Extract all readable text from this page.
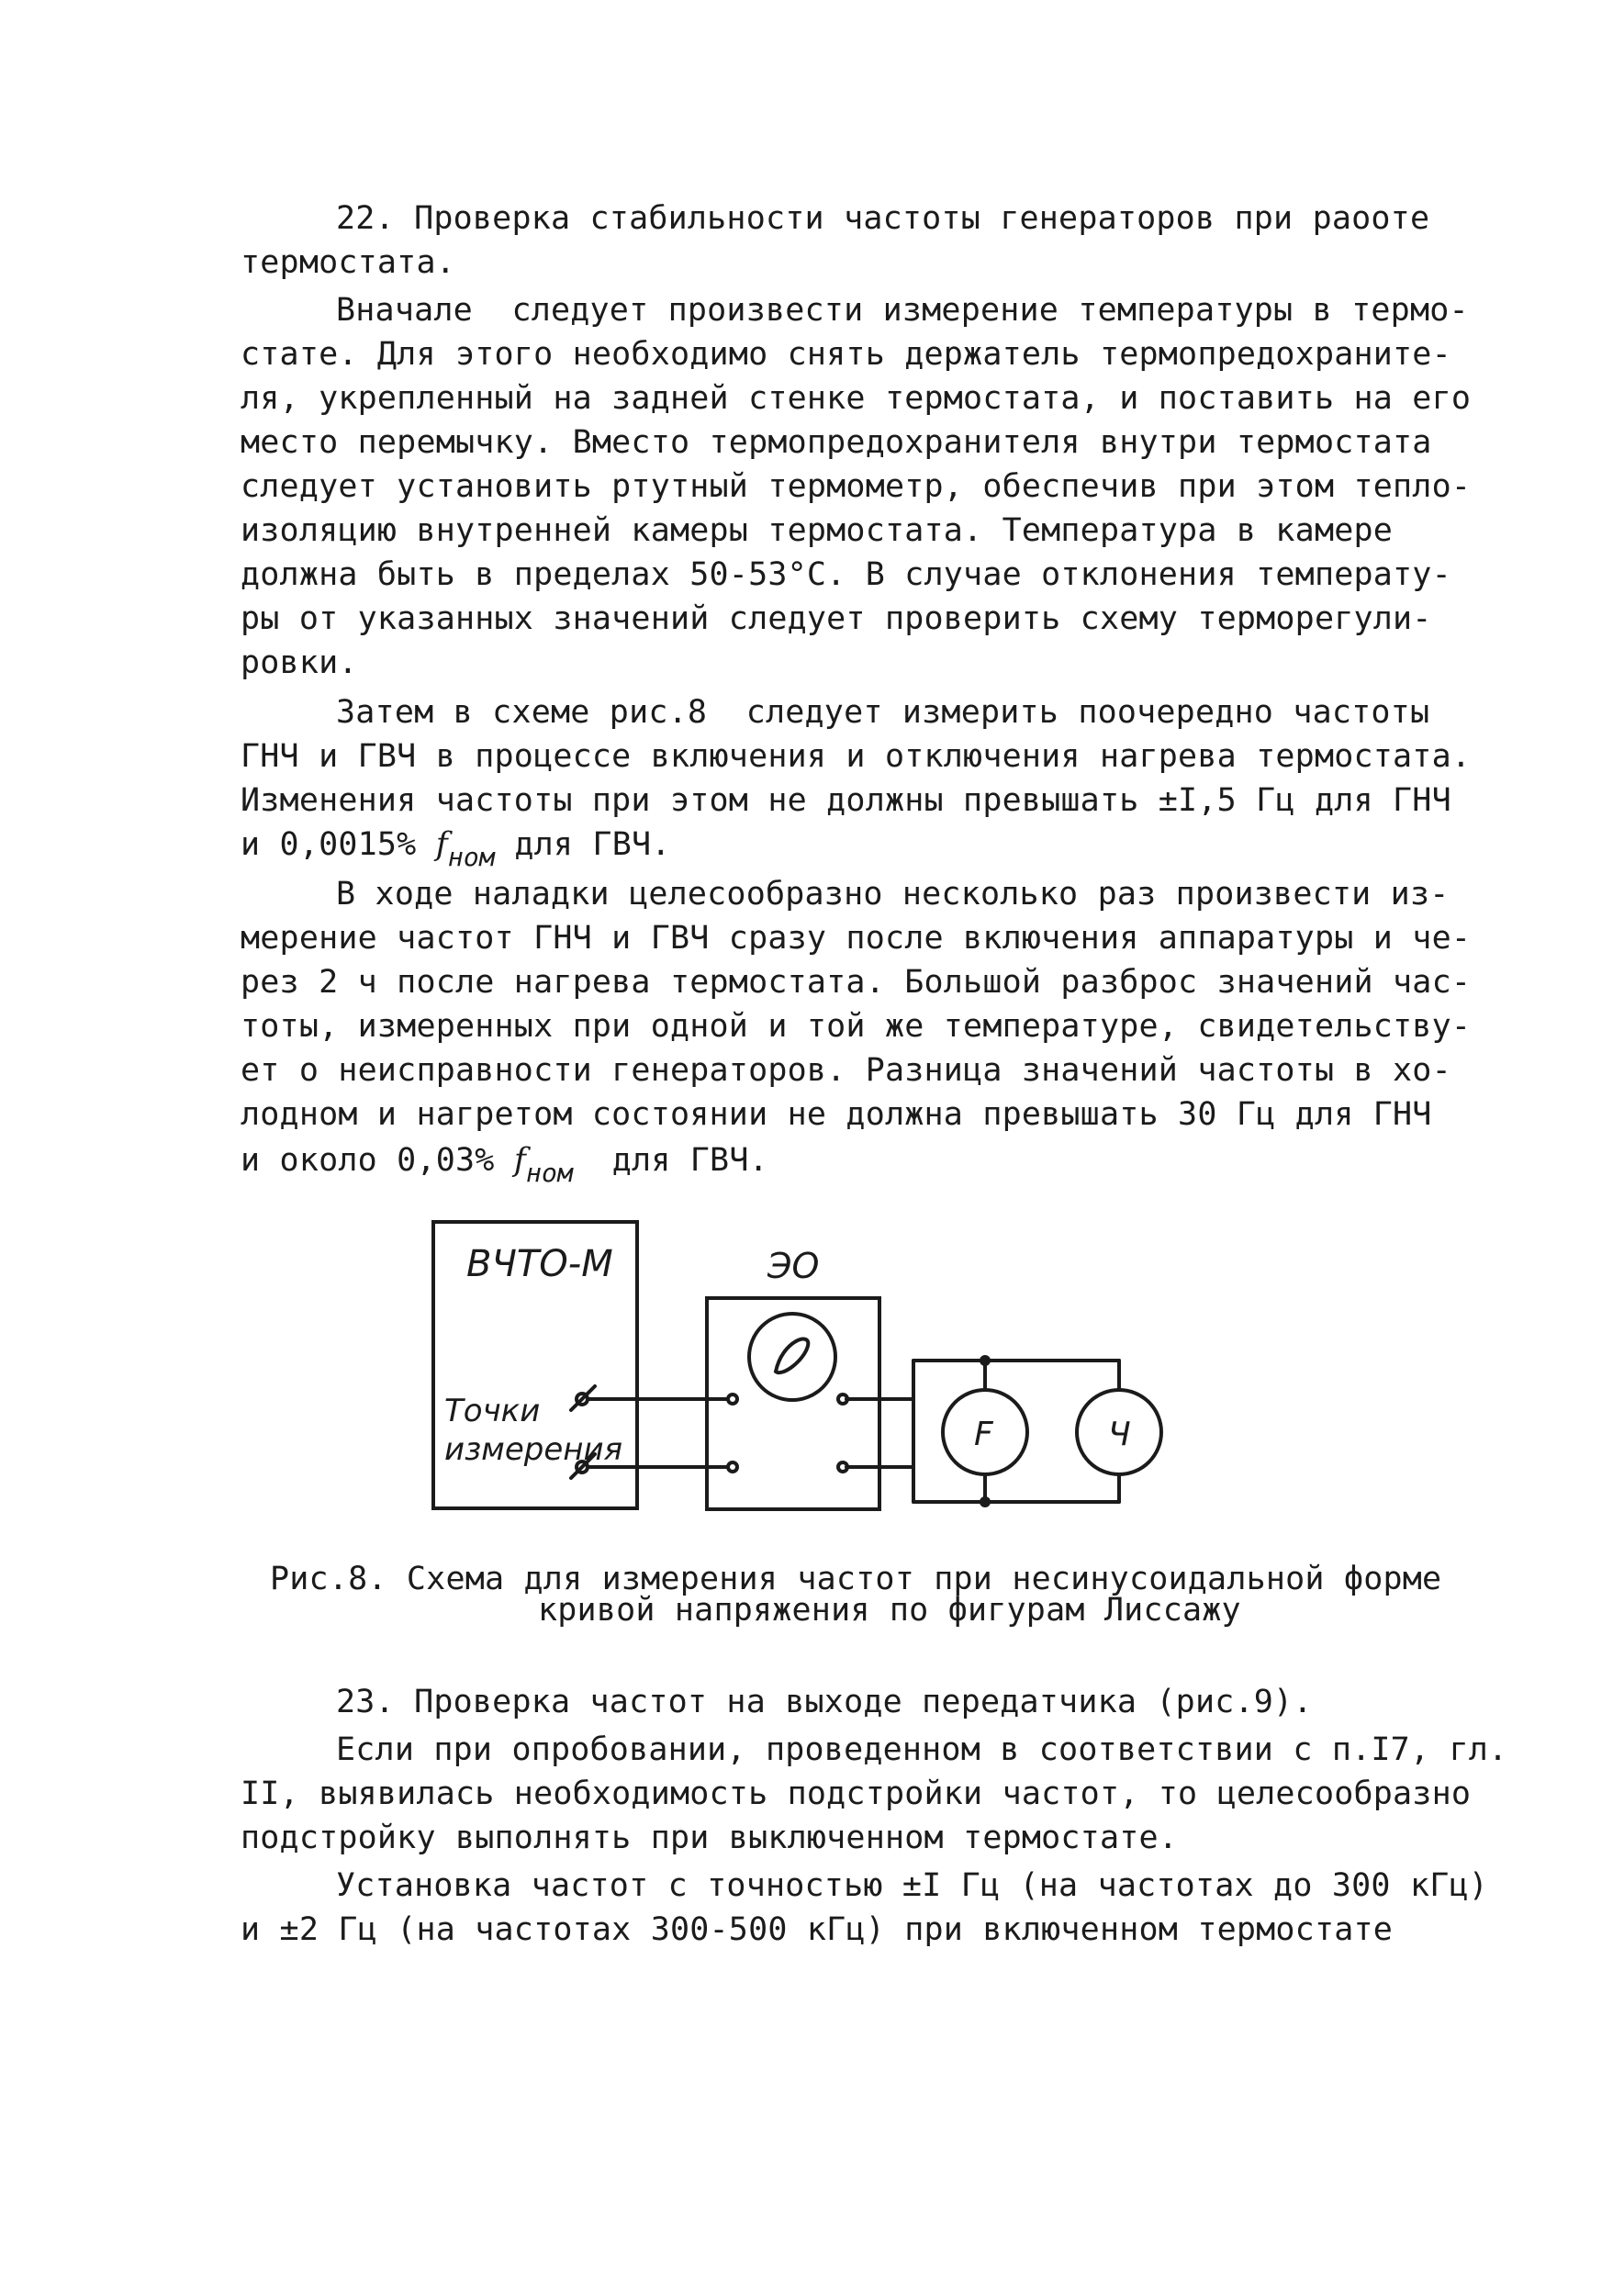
22. Проверка стабильности частоты генераторов при раооте
термостата.
Вначале  следует произвести измерение температуры в термо-
стате. Для этого необходимо снять держатель термопредохраните-
ля, укрепленный на задней стенке термостата, и поставить на его
место перемычку. Вместо термопредохранителя внутри термостата
следует установить ртутный термометр, обеспечив при этом тепло-
изоляцию внутренней камеры термостата. Температура в камере
должна быть в пределах 50-53°С. В случае отклонения температу-
ры от указанных значений следует проверить схему терморегули-
ровки.
Затем в схеме рис.8  следует измерить поочередно частоты
ГНЧ и ГВЧ в процессе включения и отключения нагрева термостата.
Изменения частоты при этом не должны превышать ±I,5 Гц для ГНЧ
и 0,0015% $f_{ном}$ для ГВЧ.
В ходе наладки целесообразно несколько раз произвести из-
мерение частот ГНЧ и ГВЧ сразу после включения аппаратуры и че-
рез 2 ч после нагрева термостата. Большой разброс значений час-
тоты, измеренных при одной и той же температуре, свидетельству-
ет о неисправности генераторов. Разница значений частоты в хо-
лодном и нагретом состоянии не должна превышать 30 Гц для ГНЧ
и около 0,03% $f_{ном}$  для ГВЧ.
ВЧТО-М
Точки
измерения
ЭО
F	Ч
Рис.8. Схема для измерения частот при несинусоидальной форме
кривой напряжения по фигурам Лиссажу
23. Проверка частот на выходе передатчика (рис.9).
Если при опробовании, проведенном в соответствии с п.I7, гл.
II, выявилась необходимость подстройки частот, то целесообразно
подстройку выполнять при выключенном термостате.
Установка частот с точностью ±I Гц (на частотах до 300 кГц)
и ±2 Гц (на частотах 300-500 кГц) при включенном термостате
